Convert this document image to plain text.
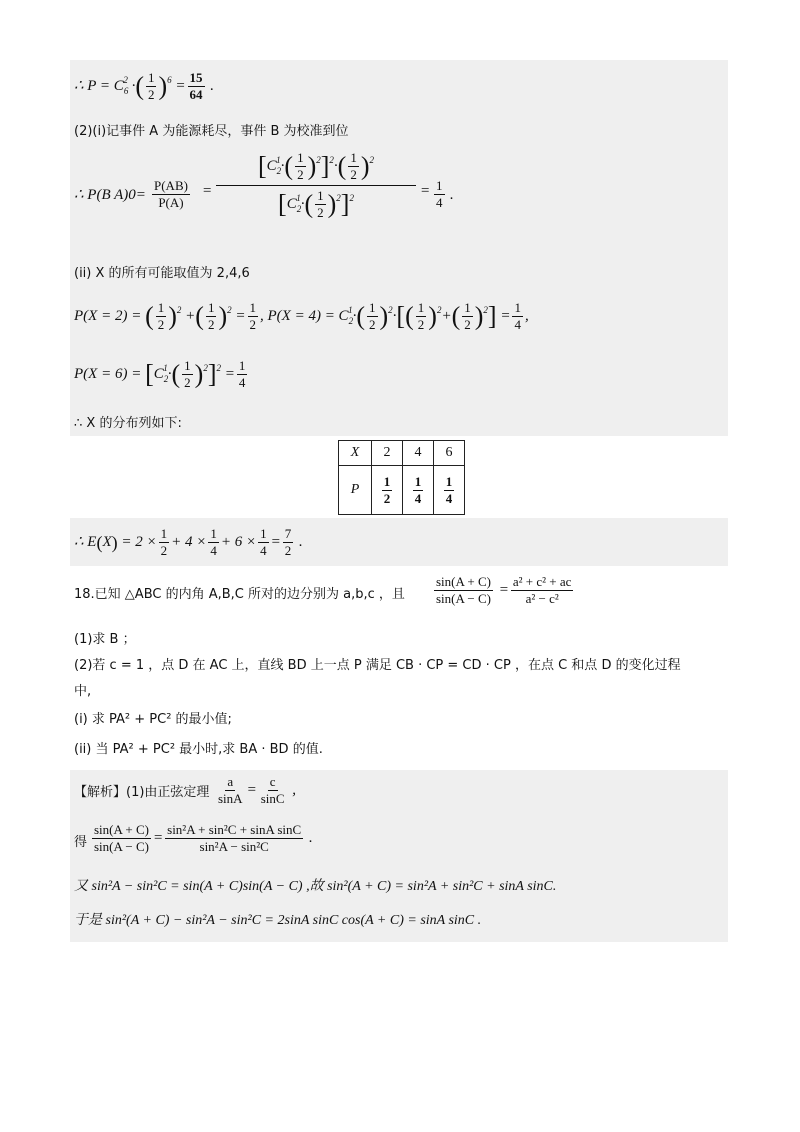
∴ $P = C_6^2$ ·( $\frac{1}{2} )^6 = \frac{15}{64}$ .
(2)(i)记事件 A 为能源耗尽，事件 B 为校准到位
∴ P(B $A)0= \frac{P(AB)}{P(A)}$ =
$[C_2^1\cdot( \frac{1}{2} )^2]^2\cdot( \frac{1}{2} )^2$
$[C_2^1\cdot( \frac{1}{2} )^2]^2$	= $\frac{1}{4}$ .
(ii) X 的所有可能取值为 2,4,6
P(X = 2) = ( $\frac{1}{2} )^2$ +( $\frac{1}{2} )^2 = \frac{1}{2}$ , $P(X = 4) = C_2^1\cdot( \frac{1}{2} )^2\cdot[( \frac{1}{2} )^2+( \frac{1}{2} )^2] = \frac{1}{4}$ ,
$P(X = 6) = [C_2^1\cdot( \frac{1}{2} )^2]^2 = \frac{1}{4}$
∴ X 的分布列如下:
X	2	4	6
P	$\frac{1}{2}$	$\frac{1}{4}$	$\frac{1}{4}$
∴ $E(X) = 2 \times \frac{1}{2} + 4 \times \frac{1}{4} + 6 \times \frac{1}{4} = \frac{7}{2}$ .
18.已知 △ABC 的内角 A,B,C 所对的边分别为 a,b,c ，且 $\frac{\sin(A + C)}{\sin(A - C)} = \frac{\text{a² + c² + ac}}{\text{a² − c²}}$
(1)求 B ；
(2)若 c = 1 ，点 D 在 AC 上，直线 BD 上一点 P 满足 CB · CP = CD · CP ，在点 C 和点 D 的变化过程
中,
(i) 求 PA² + PC² 的最小值;
(ii) 当 PA² + PC² 最小时,求 BA · BD 的值.
【解析】(1)由正弦定理 $\frac{a}{\sin A} = \frac{c}{\sin C}$ ,
得 $\frac{\sin(A + C)}{\sin(A - C)} = \frac{\text{sin²A + sin²C + sinA sinC}}{\text{sin²A − sin²C}}$ .
又 sin²A − sin²C = sin(A + C)sin(A − C) ,故 sin²(A + C) = sin²A + sin²C + sinA sinC.
于是 sin²(A + C) − sin²A − sin²C = 2sinA sinC cos(A + C) = sinA sinC .
